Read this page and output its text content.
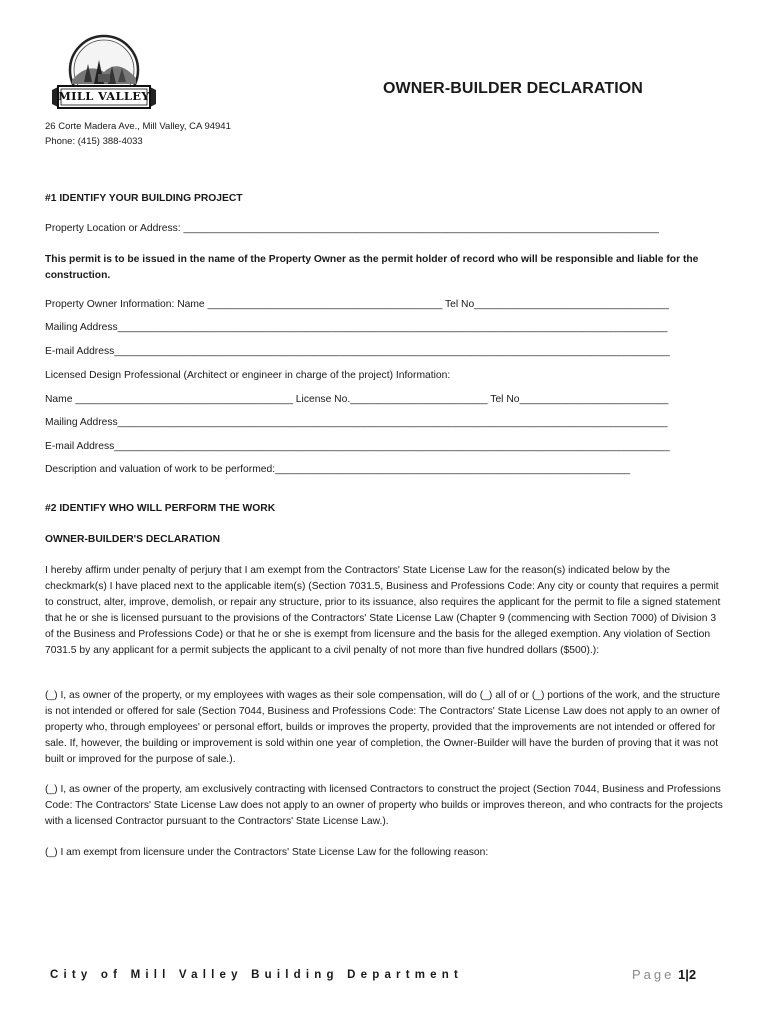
MILL VALLEY	OWNER-BUILDER DECLARATION
26 Corte Madera Ave., Mill Valley, CA 94941
Phone: (415) 388-4033
#1 IDENTIFY YOUR BUILDING PROJECT
Property Location or Address: ___________________________________________________________________________________
This permit is to be issued in the name of the Property Owner as the permit holder of record who will be responsible and liable for the construction.
Property Owner Information: Name _________________________________________ Tel No__________________________________
Mailing Address________________________________________________________________________________________________
E-mail Address_________________________________________________________________________________________________
Licensed Design Professional (Architect or engineer in charge of the project) Information:
Name ______________________________________ License No.________________________ Tel No__________________________
Mailing Address________________________________________________________________________________________________
E-mail Address_________________________________________________________________________________________________
Description and valuation of work to be performed:______________________________________________________________
#2 IDENTIFY WHO WILL PERFORM THE WORK
OWNER-BUILDER'S DECLARATION
I hereby affirm under penalty of perjury that I am exempt from the Contractors' State License Law for the reason(s) indicated below by the checkmark(s) I have placed next to the applicable item(s) (Section 7031.5, Business and Professions Code: Any city or county that requires a permit to construct, alter, improve, demolish, or repair any structure, prior to its issuance, also requires the applicant for the permit to file a signed statement that he or she is licensed pursuant to the provisions of the Contractors' State License Law (Chapter 9 (commencing with Section 7000) of Division 3 of the Business and Professions Code) or that he or she is exempt from licensure and the basis for the alleged exemption. Any violation of Section 7031.5 by any applicant for a permit subjects the applicant to a civil penalty of not more than five hundred dollars ($500).):
(_) I, as owner of the property, or my employees with wages as their sole compensation, will do (_) all of or (_) portions of the work, and the structure is not intended or offered for sale (Section 7044, Business and Professions Code: The Contractors' State License Law does not apply to an owner of property who, through employees' or personal effort, builds or improves the property, provided that the improvements are not intended or offered for sale. If, however, the building or improvement is sold within one year of completion, the Owner-Builder will have the burden of proving that it was not built or improved for the purpose of sale.).
(_) I, as owner of the property, am exclusively contracting with licensed Contractors to construct the project (Section 7044, Business and Professions Code: The Contractors' State License Law does not apply to an owner of property who builds or improves thereon, and who contracts for the projects with a licensed Contractor pursuant to the Contractors' State License Law.).
(_) I am exempt from licensure under the Contractors' State License Law for the following reason:
City of Mill Valley Building Department	Page 1|2
